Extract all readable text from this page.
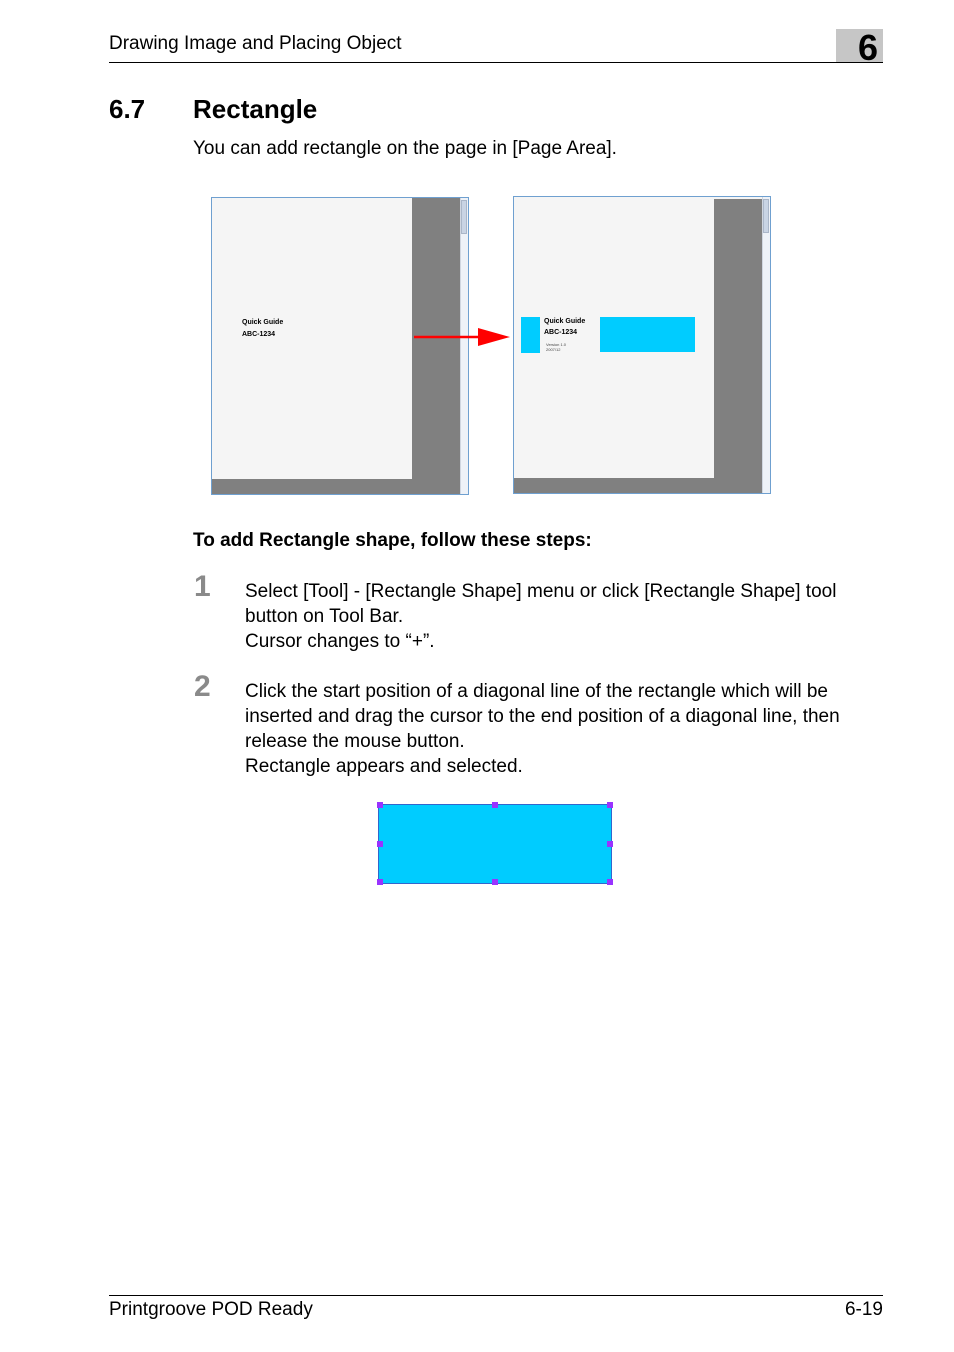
Drawing Image and Placing Object	6
6.7 Rectangle
You can add rectangle on the page in [Page Area].
Quick Guide
ABC-1234
Quick Guide
ABC-1234
Version 1.0
2007/12
To add Rectangle shape, follow these steps:
1 Select [Tool] - [Rectangle Shape] menu or click [Rectangle Shape] tool
button on Tool Bar.
Cursor changes to “+”.
2 Click the start position of a diagonal line of the rectangle which will be
inserted and drag the cursor to the end position of a diagonal line, then
release the mouse button.
Rectangle appears and selected.
Printgroove POD Ready	6-19
